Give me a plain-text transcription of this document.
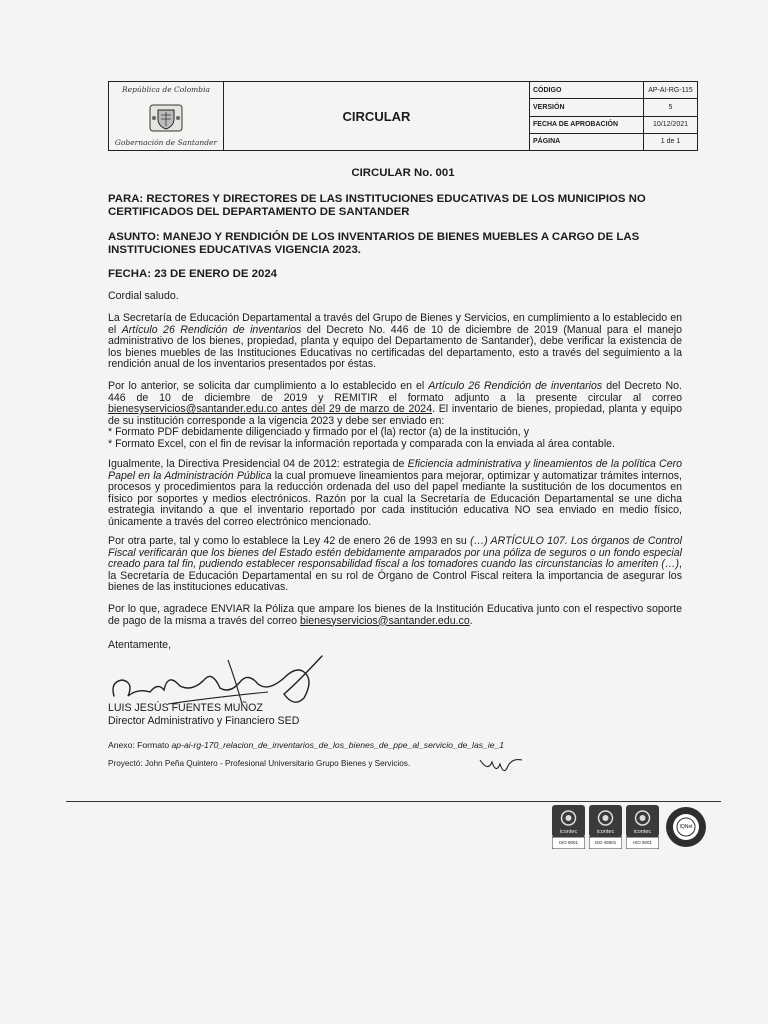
República de Colombia
Gobernación de Santander
CIRCULAR
CÓDIGO	AP-AI-RG-115
VERSIÓN	5
FECHA DE APROBACIÓN	10/12/2021
PÁGINA	1 de 1
CIRCULAR No. 001
PARA: RECTORES Y DIRECTORES DE LAS INSTITUCIONES EDUCATIVAS DE LOS MUNICIPIOS NO CERTIFICADOS DEL DEPARTAMENTO DE SANTANDER
ASUNTO: MANEJO Y RENDICIÓN DE LOS INVENTARIOS DE BIENES MUEBLES A CARGO DE LAS INSTITUCIONES EDUCATIVAS VIGENCIA 2023.
FECHA: 23 DE ENERO DE 2024
Cordial saludo.
La Secretaría de Educación Departamental a través del Grupo de Bienes y Servicios, en cumplimiento a lo establecido en el Artículo 26 Rendición de inventarios del Decreto No. 446 de 10 de diciembre de 2019 (Manual para el manejo administrativo de los bienes, propiedad, planta y equipo del Departamento de Santander), debe verificar la existencia de los bienes muebles de las Instituciones Educativas no certificadas del departamento, esto a través del seguimiento a la rendición anual de los inventarios presentados por éstas.
Por lo anterior, se solicita dar cumplimiento a lo establecido en el Artículo 26 Rendición de inventarios del Decreto No. 446 de 10 de diciembre de 2019 y REMITIR el formato adjunto a la presente circular al correo bienesyservicios@santander.edu.co antes del 29 de marzo de 2024. El inventario de bienes, propiedad, planta y equipo de su institución corresponde a la vigencia 2023 y debe ser enviado en:
* Formato PDF debidamente diligenciado y firmado por el (la) rector (a) de la institución, y
* Formato Excel, con el fin de revisar la información reportada y comparada con la enviada al área contable.
Igualmente, la Directiva Presidencial 04 de 2012: estrategia de Eficiencia administrativa y lineamientos de la política Cero Papel en la Administración Pública la cual promueve lineamientos para mejorar, optimizar y automatizar trámites internos, procesos y procedimientos para la reducción ordenada del uso del papel mediante la sustitución de los documentos en físico por soportes y medios electrónicos. Razón por la cual la Secretaría de Educación Departamental se une dicha estrategia invitando a que el inventario reportado por cada institución educativa NO sea enviado en medio físico, únicamente a través del correo electrónico mencionado.
Por otra parte, tal y como lo establece la Ley 42 de enero 26 de 1993 en su (…) ARTÍCULO 107. Los órganos de Control Fiscal verificarán que los bienes del Estado estén debidamente amparados por una póliza de seguros o un fondo especial creado para tal fin, pudiendo establecer responsabilidad fiscal a los tomadores cuando las circunstancias lo ameriten (…), la Secretaría de Educación Departamental en su rol de Órgano de Control Fiscal reitera la importancia de asegurar los bienes de las instituciones educativas.
Por lo que, agradece ENVIAR la Póliza que ampare los bienes de la Institución Educativa junto con el respectivo soporte de pago de la misma a través del correo bienesyservicios@santander.edu.co.
Atentamente,
LUIS JESÚS FUENTES MUÑOZ
Director Administrativo y Financiero SED
Anexo: Formato ap-ai-rg-170_relacion_de_inventarios_de_los_bienes_de_ppe_al_servicio_de_las_ie_1
Proyectó: John Peña Quintero - Profesional Universitario Grupo Bienes y Servicios.
icontec
ISO 9001
icontec
ISO 45001
icontec
ISO 9001
IQNet
